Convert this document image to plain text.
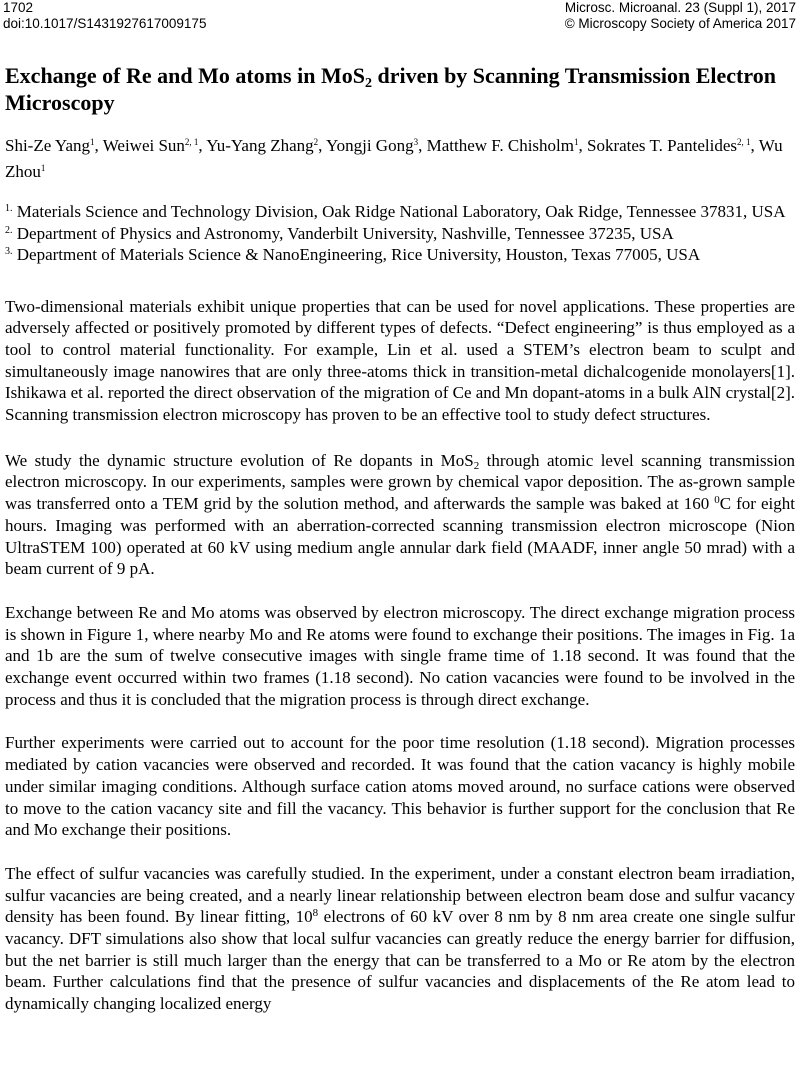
1702
doi:10.1017/S1431927617009175
Microsc. Microanal. 23 (Suppl 1), 2017
© Microscopy Society of America 2017
Exchange of Re and Mo atoms in MoS$_2$ driven by Scanning Transmission Electron Microscopy

Shi-Ze Yang$^1$, Weiwei Sun$^{2, 1}$, Yu-Yang Zhang$^2$, Yongji Gong$^3$, Matthew F. Chisholm$^1$, Sokrates T. Pantelides$^{2, 1}$, Wu Zhou$^1$

$^{1.}$ Materials Science and Technology Division, Oak Ridge National Laboratory, Oak Ridge, Tennessee 37831, USA

$^{2.}$ Department of Physics and Astronomy, Vanderbilt University, Nashville, Tennessee 37235, USA

$^{3.}$ Department of Materials Science & NanoEngineering, Rice University, Houston, Texas 77005, USA

Two-dimensional materials exhibit unique properties that can be used for novel applications. These properties are adversely affected or positively promoted by different types of defects. “Defect engineering” is thus employed as a tool to control material functionality. For example, Lin et al. used a STEM’s electron beam to sculpt and simultaneously image nanowires that are only three-atoms thick in transition-metal dichalcogenide monolayers[1]. Ishikawa et al. reported the direct observation of the migration of Ce and Mn dopant-atoms in a bulk AlN crystal[2]. Scanning transmission electron microscopy has proven to be an effective tool to study defect structures.

We study the dynamic structure evolution of Re dopants in MoS$_2$ through atomic level scanning transmission electron microscopy. In our experiments, samples were grown by chemical vapor deposition. The as-grown sample was transferred onto a TEM grid by the solution method, and afterwards the sample was baked at 160 $^0$C for eight hours. Imaging was performed with an aberration-corrected scanning transmission electron microscope (Nion UltraSTEM 100) operated at 60 kV using medium angle annular dark field (MAADF, inner angle 50 mrad) with a beam current of 9 pA.

Exchange between Re and Mo atoms was observed by electron microscopy. The direct exchange migration process is shown in Figure 1, where nearby Mo and Re atoms were found to exchange their positions. The images in Fig. 1a and 1b are the sum of twelve consecutive images with single frame time of 1.18 second. It was found that the exchange event occurred within two frames (1.18 second). No cation vacancies were found to be involved in the process and thus it is concluded that the migration process is through direct exchange.

Further experiments were carried out to account for the poor time resolution (1.18 second). Migration processes mediated by cation vacancies were observed and recorded. It was found that the cation vacancy is highly mobile under similar imaging conditions. Although surface cation atoms moved around, no surface cations were observed to move to the cation vacancy site and fill the vacancy. This behavior is further support for the conclusion that Re and Mo exchange their positions.

The effect of sulfur vacancies was carefully studied. In the experiment, under a constant electron beam irradiation, sulfur vacancies are being created, and a nearly linear relationship between electron beam dose and sulfur vacancy density has been found. By linear fitting, $10^8$ electrons of 60 kV over 8 nm by 8 nm area create one single sulfur vacancy. DFT simulations also show that local sulfur vacancies can greatly reduce the energy barrier for diffusion, but the net barrier is still much larger than the energy that can be transferred to a Mo or Re atom by the electron beam. Further calculations find that the presence of sulfur vacancies and displacements of the Re atom lead to dynamically changing localized energy
